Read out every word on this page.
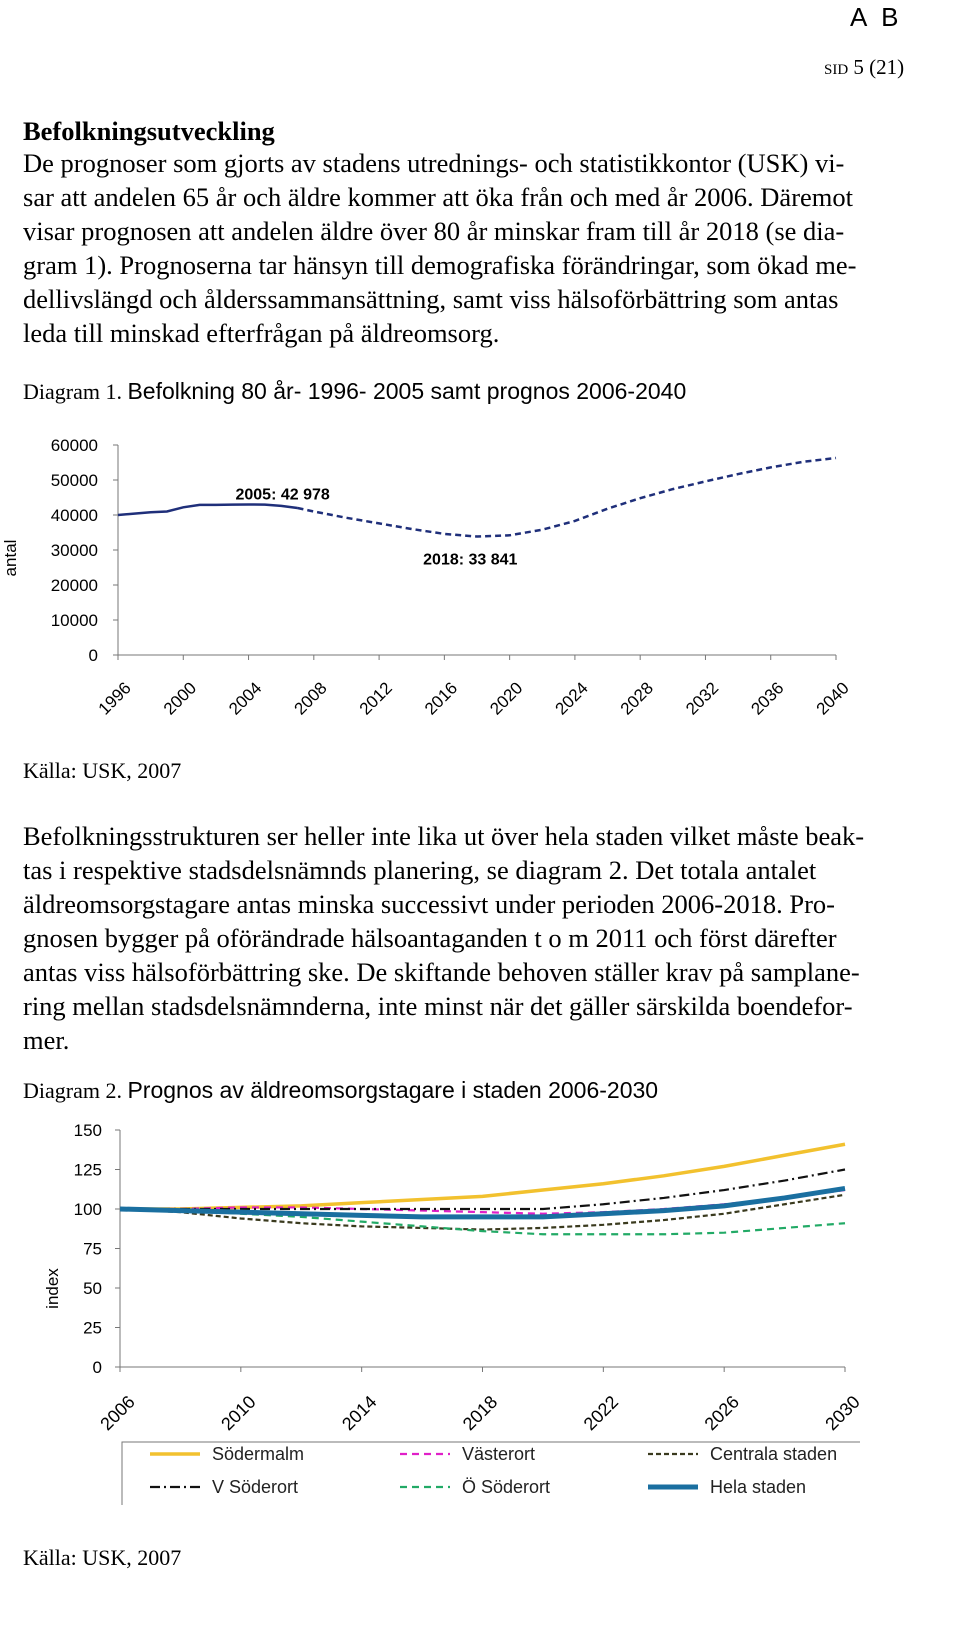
A B
SID 5 (21)
Befolkningsutveckling
De prognoser som gjorts av stadens utrednings- och statistikkontor (USK) vi-
sar att andelen 65 år och äldre kommer att öka från och med år 2006. Däremot
visar prognosen att andelen äldre över 80 år minskar fram till år 2018 (se dia-
gram 1). Prognoserna tar hänsyn till demografiska förändringar, som ökad me-
dellivslängd och ålderssammansättning, samt viss hälsoförbättring som antas
leda till minskad efterfrågan på äldreomsorg.
Diagram 1. Befolkning 80 år- 1996- 2005 samt prognos 2006-2040
0
10000
20000
30000
40000
50000
60000
antal
1996 2000 2004 2008 2012 2016 2020 2024 2028 2032 2036 2040
2005: 42 978
2018: 33 841
Källa: USK, 2007
Befolkningsstrukturen ser heller inte lika ut över hela staden vilket måste beak-
tas i respektive stadsdelsnämnds planering, se diagram 2. Det totala antalet
äldreomsorgstagare antas minska successivt under perioden 2006-2018. Pro-
gnosen bygger på oförändrade hälsoantaganden t o m 2011 och först därefter
antas viss hälsoförbättring ske. De skiftande behoven ställer krav på samplane-
ring mellan stadsdelsnämnderna, inte minst när det gäller särskilda boendefor-
mer.
Diagram 2. Prognos av äldreomsorgstagare i staden 2006-2030
0
25
50
75
100
125
150
index
2006	2010	2014	2018	2022	2026	2030
Södermalm	Västerort	Centrala staden
V Söderort	Ö Söderort	Hela staden
Källa: USK, 2007
